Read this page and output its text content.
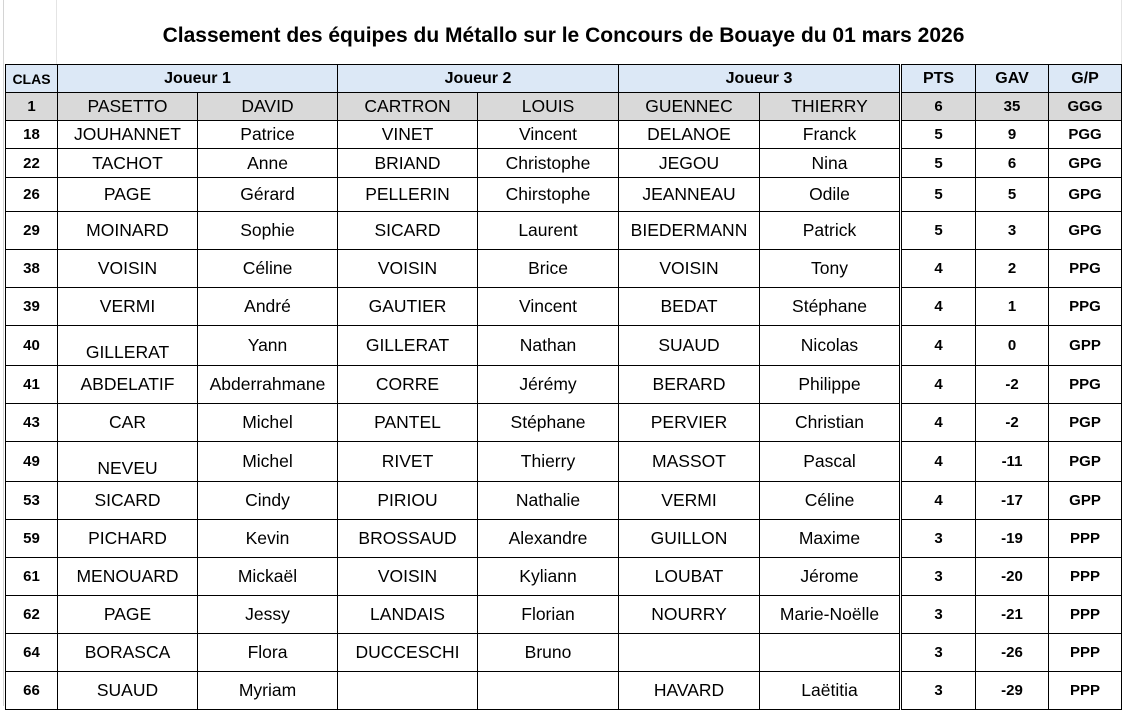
Classement des équipes du Métallo sur le Concours de Bouaye du 01 mars 2026
CLAS	Joueur 1		Joueur 2		Joueur 3		PTS	GAV	G/P
1	PASETTO	DAVID	CARTRON	LOUIS	GUENNEC	THIERRY	6	35	GGG
18	JOUHANNET	Patrice	VINET	Vincent	DELANOE	Franck	5	9	PGG
22	TACHOT	Anne	BRIAND	Christophe	JEGOU	Nina	5	6	GPG
26	PAGE	Gérard	PELLERIN	Chirstophe	JEANNEAU	Odile	5	5	GPG
29	MOINARD	Sophie	SICARD	Laurent	BIEDERMANN	Patrick	5	3	GPG
38	VOISIN	Céline	VOISIN	Brice	VOISIN	Tony	4	2	PPG
39	VERMI	André	GAUTIER	Vincent	BEDAT	Stéphane	4	1	PPG
40	GILLERAT	Yann	GILLERAT	Nathan	SUAUD	Nicolas	4	0	GPP
41	ABDELATIF	Abderrahmane	CORRE	Jérémy	BERARD	Philippe	4	-2	PPG
43	CAR	Michel	PANTEL	Stéphane	PERVIER	Christian	4	-2	PGP
49	NEVEU	Michel	RIVET	Thierry	MASSOT	Pascal	4	-11	PGP
53	SICARD	Cindy	PIRIOU	Nathalie	VERMI	Céline	4	-17	GPP
59	PICHARD	Kevin	BROSSAUD	Alexandre	GUILLON	Maxime	3	-19	PPP
61	MENOUARD	Mickaël	VOISIN	Kyliann	LOUBAT	Jérome	3	-20	PPP
62	PAGE	Jessy	LANDAIS	Florian	NOURRY	Marie-Noëlle	3	-21	PPP
64	BORASCA	Flora	DUCCESCHI	Bruno			3	-26	PPP
66	SUAUD	Myriam			HAVARD	Laëtitia	3	-29	PPP
